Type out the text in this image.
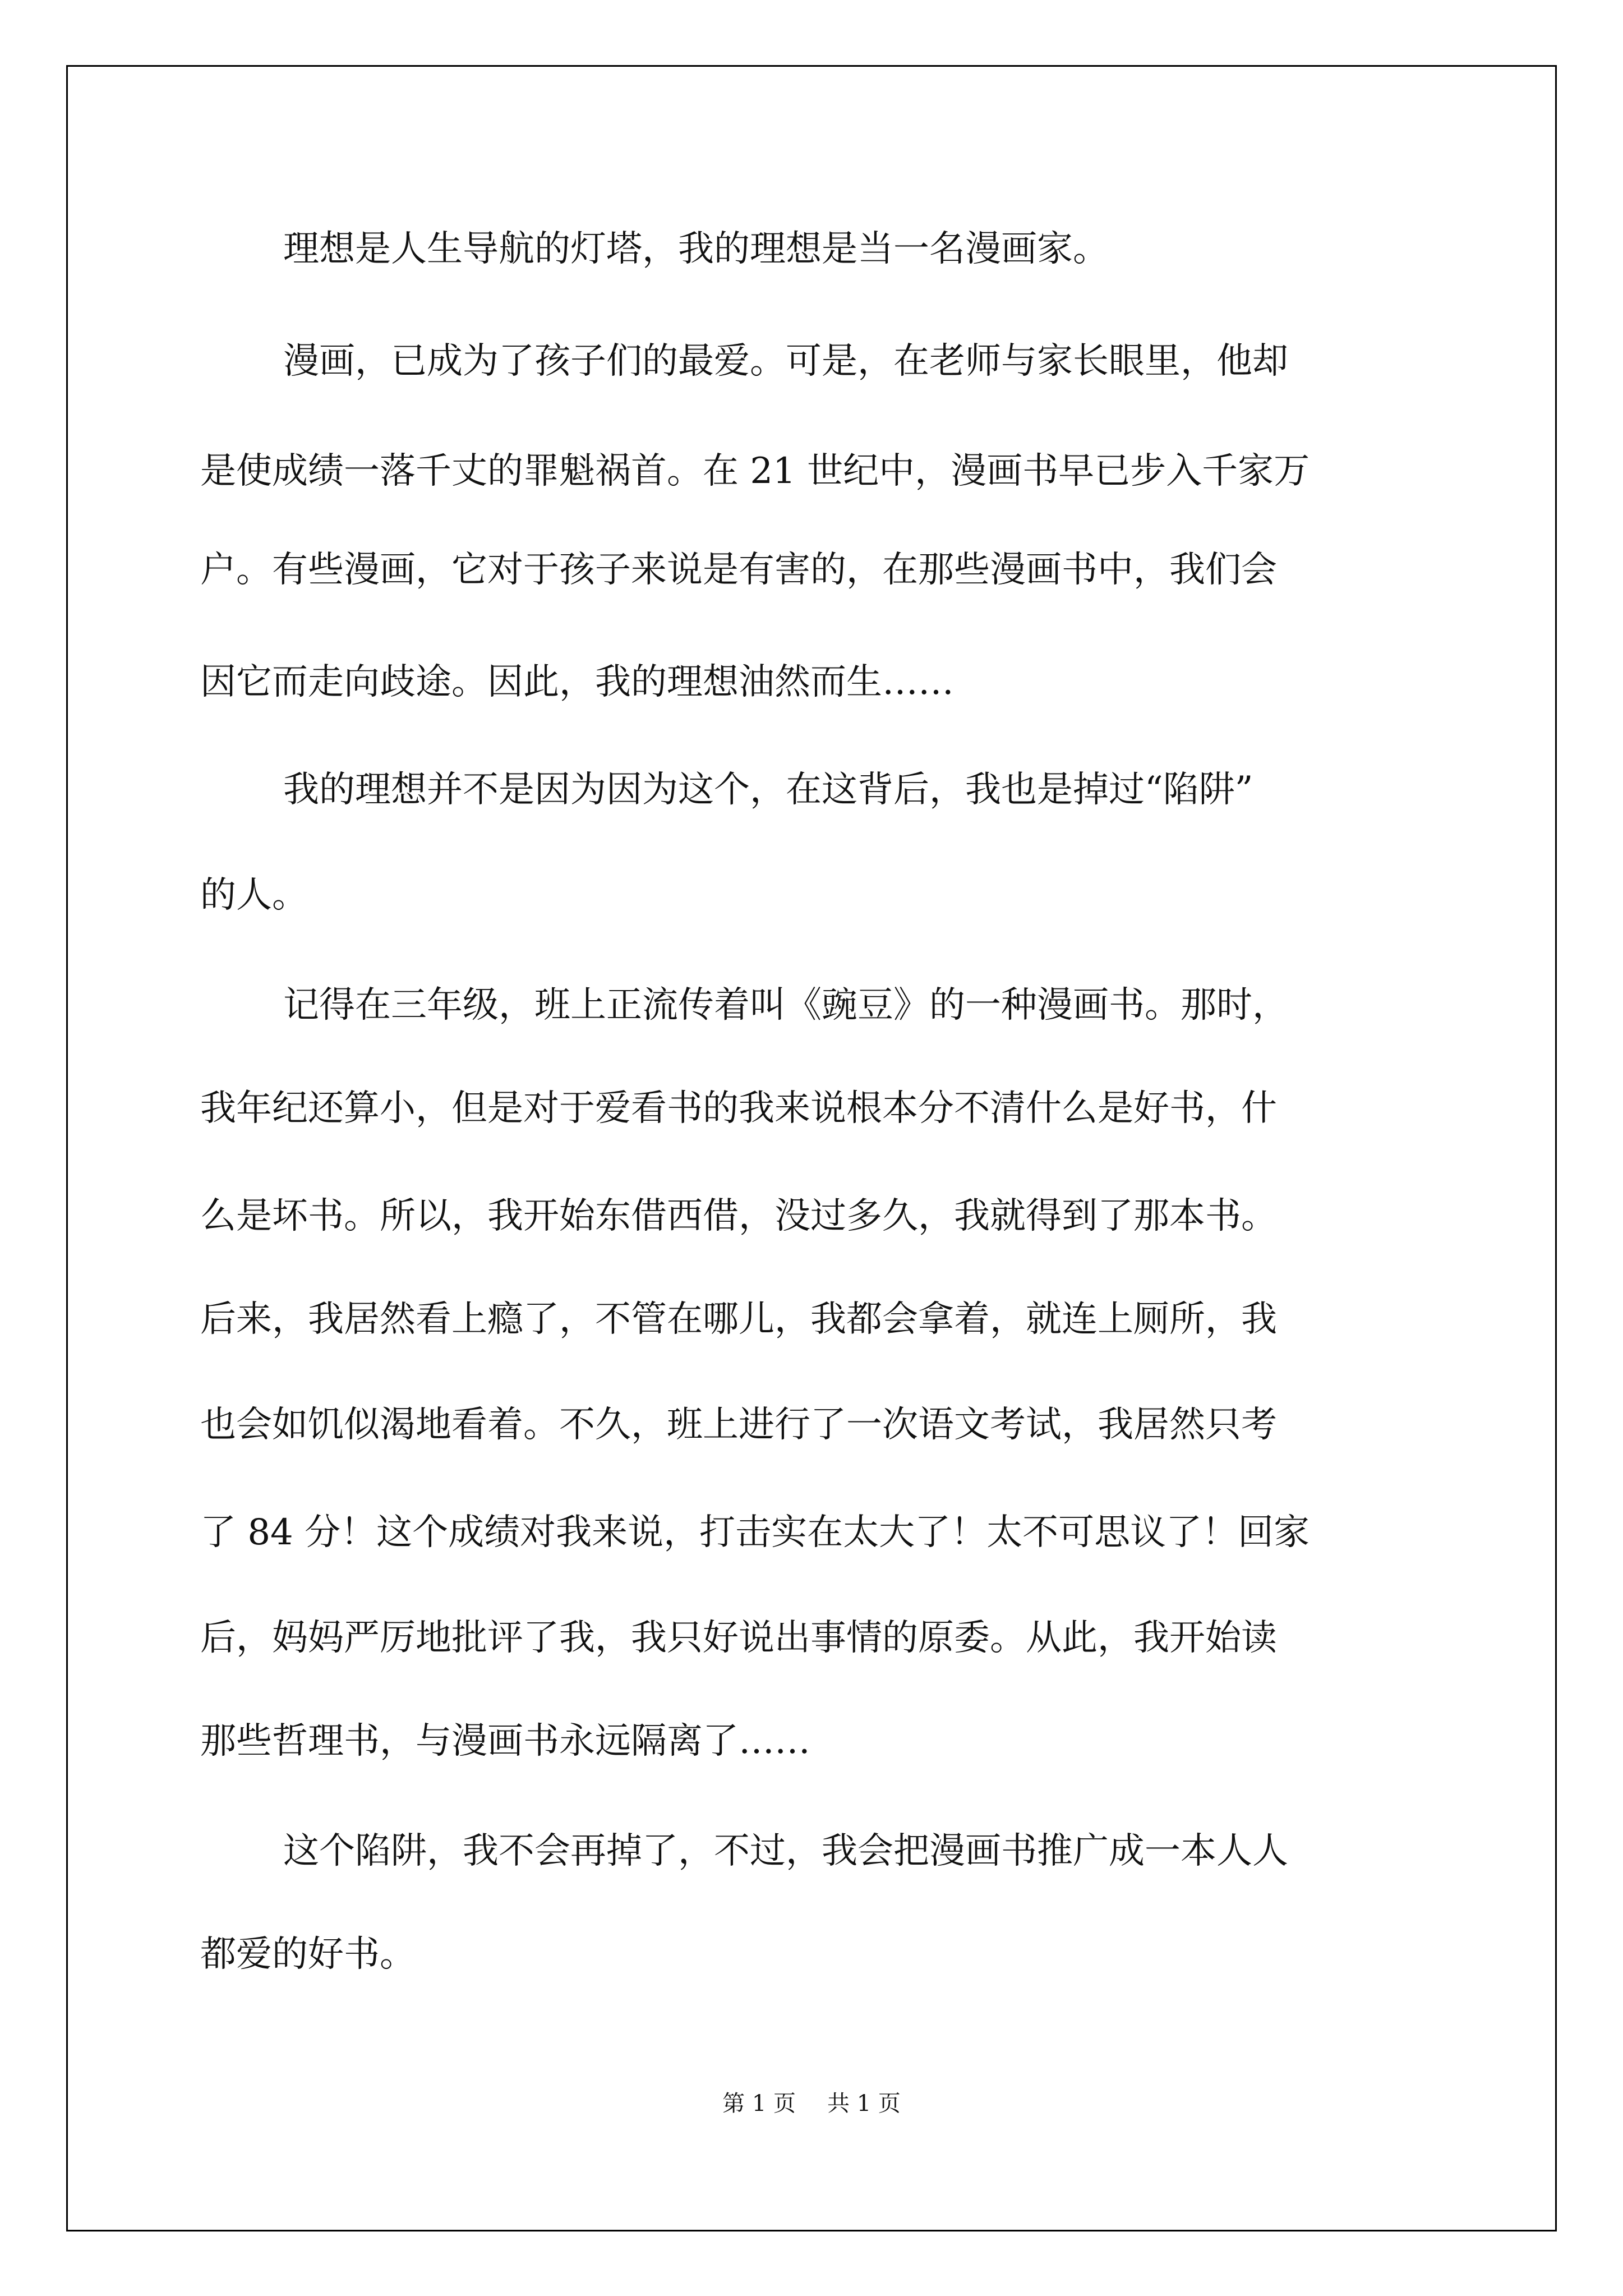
理想是人生导航的灯塔，我的理想是当一名漫画家。

漫画，已成为了孩子们的最爱。可是，在老师与家长眼里，他却

是使成绩一落千丈的罪魁祸首。在 21 世纪中，漫画书早已步入千家万

户。有些漫画，它对于孩子来说是有害的，在那些漫画书中，我们会

因它而走向歧途。因此，我的理想油然而生……

我的理想并不是因为因为这个，在这背后，我也是掉过“陷阱”

的人。

记得在三年级，班上正流传着叫《豌豆》的一种漫画书。那时，

我年纪还算小，但是对于爱看书的我来说根本分不清什么是好书，什

么是坏书。所以，我开始东借西借，没过多久，我就得到了那本书。

后来，我居然看上瘾了，不管在哪儿，我都会拿着，就连上厕所，我

也会如饥似渴地看着。不久，班上进行了一次语文考试，我居然只考

了 84 分！这个成绩对我来说，打击实在太大了！太不可思议了！回家

后，妈妈严厉地批评了我，我只好说出事情的原委。从此，我开始读

那些哲理书，与漫画书永远隔离了……

这个陷阱，我不会再掉了，不过，我会把漫画书推广成一本人人

都爱的好书。

第 1 页 共 1 页
